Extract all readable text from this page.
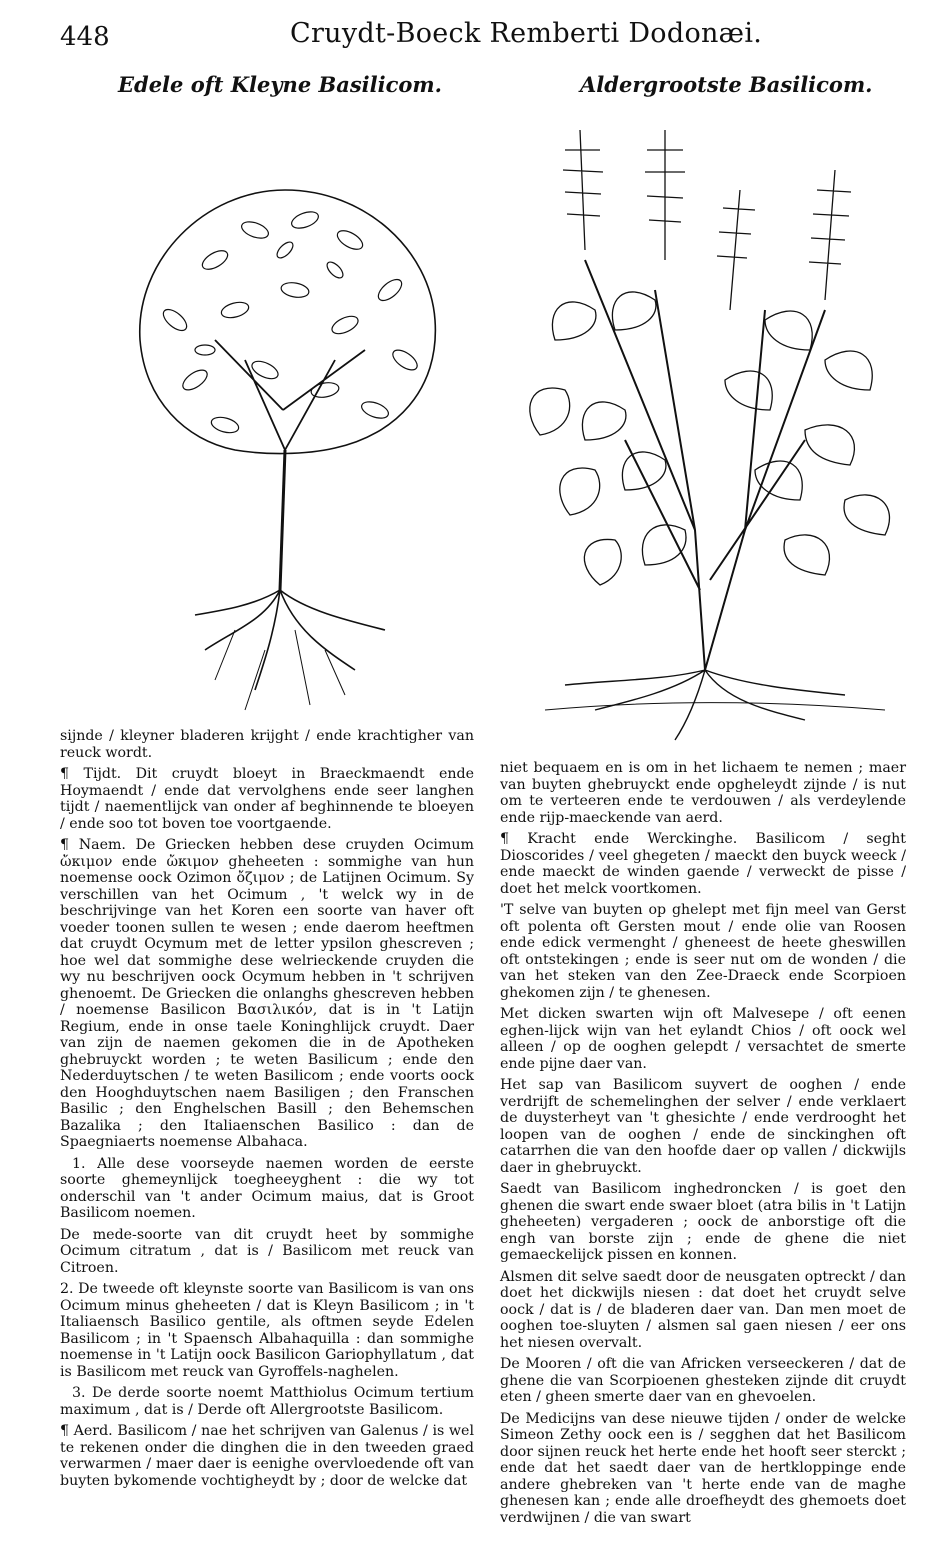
448	Cruydt-Boeck Remberti Dodonæi.
Edele oft Kleyne Basilicom.	Aldergrootste Basilicom.

sijnde / kleyner bladeren krijght / ende krachtigher van reuck wordt.

¶ Tijdt. Dit cruydt bloeyt in Braeckmaendt ende Hoymaendt / ende dat vervolghens ende seer langhen tijdt / naementlijck van onder af beghinnende te bloeyen / ende soo tot boven toe voortgaende.

¶ Naem. De Griecken hebben dese cruyden Ocimum ὤκιμον ende ὤκιμον gheheeten : sommighe van hun noemense oock Ozimon ὄζιμον ; de Latijnen Ocimum. Sy verschillen van het Ocimum , 't welck wy in de beschrijvinge van het Koren een soorte van haver oft voeder toonen sullen te wesen ; ende daerom heeftmen dat cruydt Ocymum met de letter ypsilon ghescreven ; hoe wel dat sommighe dese welrieckende cruyden die wy nu beschrijven oock Ocymum hebben in 't schrijven ghenoemt. De Griecken die onlanghs ghescreven hebben / noemense Basilicon Βασιλικόν, dat is in 't Latijn Regium, ende in onse taele Koninghlijck cruydt. Daer van zijn de naemen gekomen die in de Apotheken ghebruyckt worden ; te weten Basilicum ; ende den Nederduytschen / te weten Basilicom ; ende voorts oock den Hooghduytschen naem Basiligen ; den Franschen Basilic ; den Enghelschen Basill ; den Behemschen Bazalika ; den Italiaenschen Basilico : dan de Spaegniaerts noemense Albahaca.

1. Alle dese voorseyde naemen worden de eerste soorte ghemeynlijck toegheeyghent : die wy tot onderschil van 't ander Ocimum maius, dat is Groot Basilicom noemen.

De mede-soorte van dit cruydt heet by sommighe Ocimum citratum , dat is / Basilicom met reuck van Citroen.

2. De tweede oft kleynste soorte van Basilicom is van ons Ocimum minus gheheeten / dat is Kleyn Basilicom ; in 't Italiaensch Basilico gentile, als oftmen seyde Edelen Basilicom ; in 't Spaensch Albahaquilla : dan sommighe noemense in 't Latijn oock Basilicon Gariophyllatum , dat is Basilicom met reuck van Gyroffels-naghelen.

3. De derde soorte noemt Matthiolus Ocimum tertium maximum , dat is / Derde oft Allergrootste Basilicom.

¶ Aerd. Basilicom / nae het schrijven van Galenus / is wel te rekenen onder die dinghen die in den tweeden graed verwarmen / maer daer is eenighe overvloedende oft van buyten bykomende vochtigheydt by ; door de welcke dat

niet bequaem en is om in het lichaem te nemen ; maer van buyten ghebruyckt ende opgheleydt zijnde / is nut om te verteeren ende te verdouwen / als verdeylende ende rijp-maeckende van aerd.

¶ Kracht ende Werckinghe. Basilicom / seght Dioscorides / veel ghegeten / maeckt den buyck weeck / ende maeckt de winden gaende / verweckt de pisse / doet het melck voortkomen.

'T selve van buyten op ghelept met fijn meel van Gerst oft polenta oft Gersten mout / ende olie van Roosen ende edick vermenght / gheneest de heete gheswillen oft ontstekingen ; ende is seer nut om de wonden / die van het steken van den Zee-Draeck ende Scorpioen ghekomen zijn / te ghenesen.

Met dicken swarten wijn oft Malvesepe / oft eenen eghen-lijck wijn van het eylandt Chios / oft oock wel alleen / op de ooghen gelepdt / versachtet de smerte ende pijne daer van.

Het sap van Basilicom suyvert de ooghen / ende verdrijft de schemelinghen der selver / ende verklaert de duysterheyt van 't ghesichte / ende verdrooght het loopen van de ooghen / ende de sinckinghen oft catarrhen die van den hoofde daer op vallen / dickwijls daer in ghebruyckt.

Saedt van Basilicom inghedroncken / is goet den ghenen die swart ende swaer bloet (atra bilis in 't Latijn gheheeten) vergaderen ; oock de anborstige oft die engh van borste zijn ; ende de ghene die niet gemaeckelijck pissen en konnen.

Alsmen dit selve saedt door de neusgaten optreckt / dan doet het dickwijls niesen : dat doet het cruydt selve oock / dat is / de bladeren daer van. Dan men moet de ooghen toe-sluyten / alsmen sal gaen niesen / eer ons het niesen overvalt.

De Mooren / oft die van Africken verseeckeren / dat de ghene die van Scorpioenen ghesteken zijnde dit cruydt eten / gheen smerte daer van en ghevoelen.

De Medicijns van dese nieuwe tijden / onder de welcke Simeon Zethy oock een is / segghen dat het Basilicom door sijnen reuck het herte ende het hooft seer sterckt ; ende dat het saedt daer van de hertkloppinge ende andere ghebreken van 't herte ende van de maghe ghenesen kan ; ende alle droefheydt des ghemoets doet verdwijnen / die van swart
